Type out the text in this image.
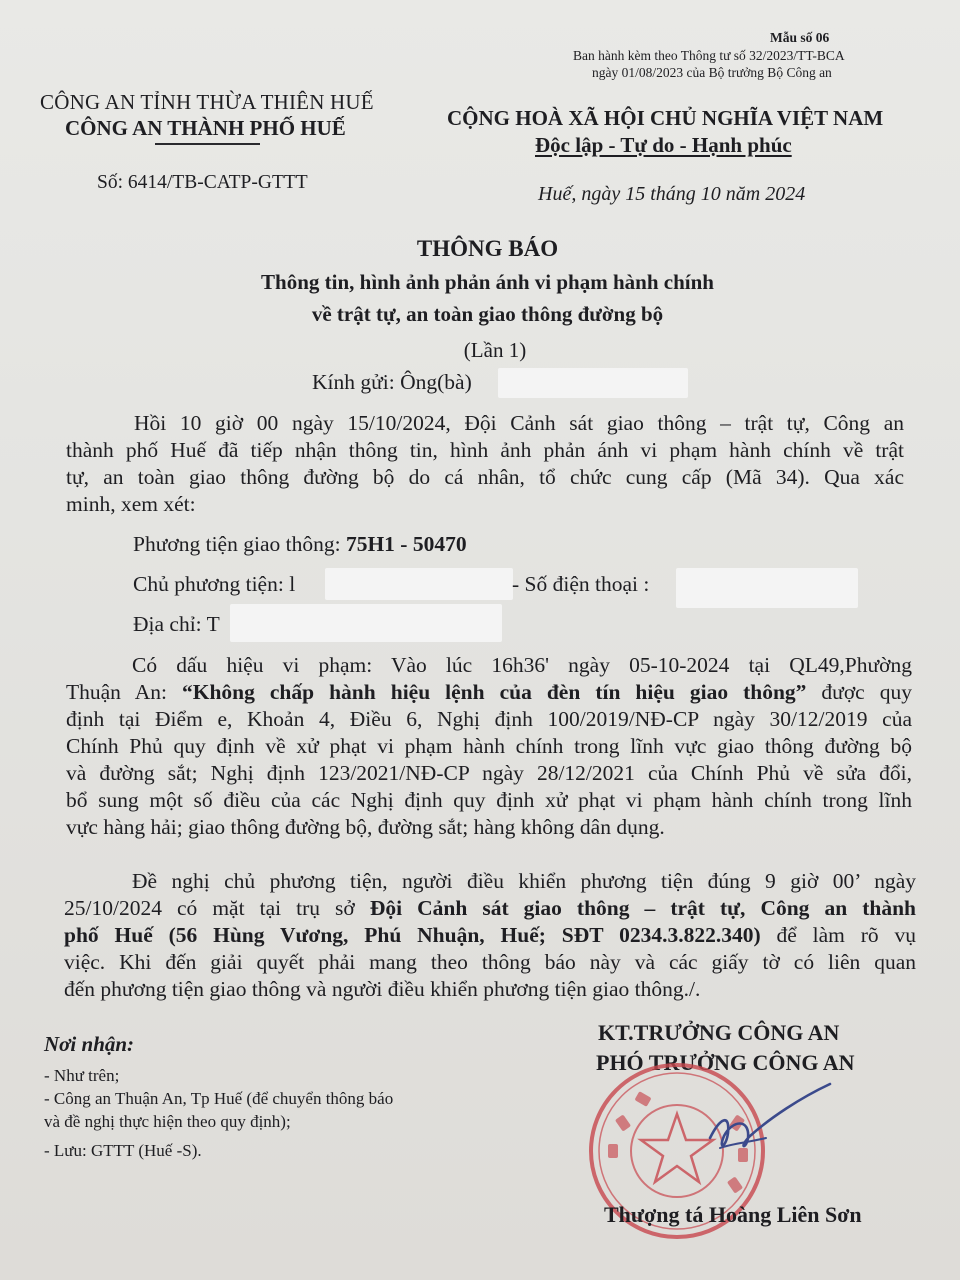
Mẫu số 06
Ban hành kèm theo Thông tư số 32/2023/TT-BCA
ngày 01/08/2023 của Bộ trưởng Bộ Công an
CÔNG AN TỈNH THỪA THIÊN HUẾ
CÔNG AN THÀNH PHỐ HUẾ
Số: 6414/TB-CATP-GTTT
CỘNG HOÀ XÃ HỘI CHỦ NGHĨA VIỆT NAM
Độc lập - Tự do - Hạnh phúc
Huế, ngày 15 tháng 10 năm 2024
THÔNG BÁO
Thông tin, hình ảnh phản ánh vi phạm hành chính
về trật tự, an toàn giao thông đường bộ
(Lần 1)
Kính gửi: Ông(bà)
Hồi 10 giờ 00 ngày 15/10/2024, Đội Cảnh sát giao thông – trật tự, Công an
thành phố Huế đã tiếp nhận thông tin, hình ảnh phản ánh vi phạm hành chính về trật
tự, an toàn giao thông đường bộ do cá nhân, tổ chức cung cấp (Mã 34). Qua xác
minh, xem xét:
Phương tiện giao thông: 75H1 - 50470
Chủ phương tiện: l	- Số điện thoại :
Địa chỉ: T
Có dấu hiệu vi phạm: Vào lúc 16h36' ngày 05-10-2024 tại QL49,Phường
Thuận An: “Không chấp hành hiệu lệnh của đèn tín hiệu giao thông” được quy
định tại Điểm e, Khoản 4, Điều 6, Nghị định 100/2019/NĐ-CP ngày 30/12/2019 của
Chính Phủ quy định về xử phạt vi phạm hành chính trong lĩnh vực giao thông đường bộ
và đường sắt; Nghị định 123/2021/NĐ-CP ngày 28/12/2021 của Chính Phủ về sửa đổi,
bổ sung một số điều của các Nghị định quy định xử phạt vi phạm hành chính trong lĩnh
vực hàng hải; giao thông đường bộ, đường sắt; hàng không dân dụng.
Đề nghị chủ phương tiện, người điều khiển phương tiện đúng 9 giờ 00’ ngày
25/10/2024 có mặt tại trụ sở Đội Cảnh sát giao thông – trật tự, Công an thành
phố Huế (56 Hùng Vương, Phú Nhuận, Huế; SĐT 0234.3.822.340) để làm rõ vụ
việc. Khi đến giải quyết phải mang theo thông báo này và các giấy tờ có liên quan
đến phương tiện giao thông và người điều khiển phương tiện giao thông./.
Nơi nhận:
- Như trên;
- Công an Thuận An, Tp Huế (để chuyển thông báo
và đề nghị thực hiện theo quy định);
- Lưu: GTTT (Huế -S).
KT.TRƯỞNG CÔNG AN
PHÓ TRƯỞNG CÔNG AN
Thượng tá Hoàng Liên Sơn
